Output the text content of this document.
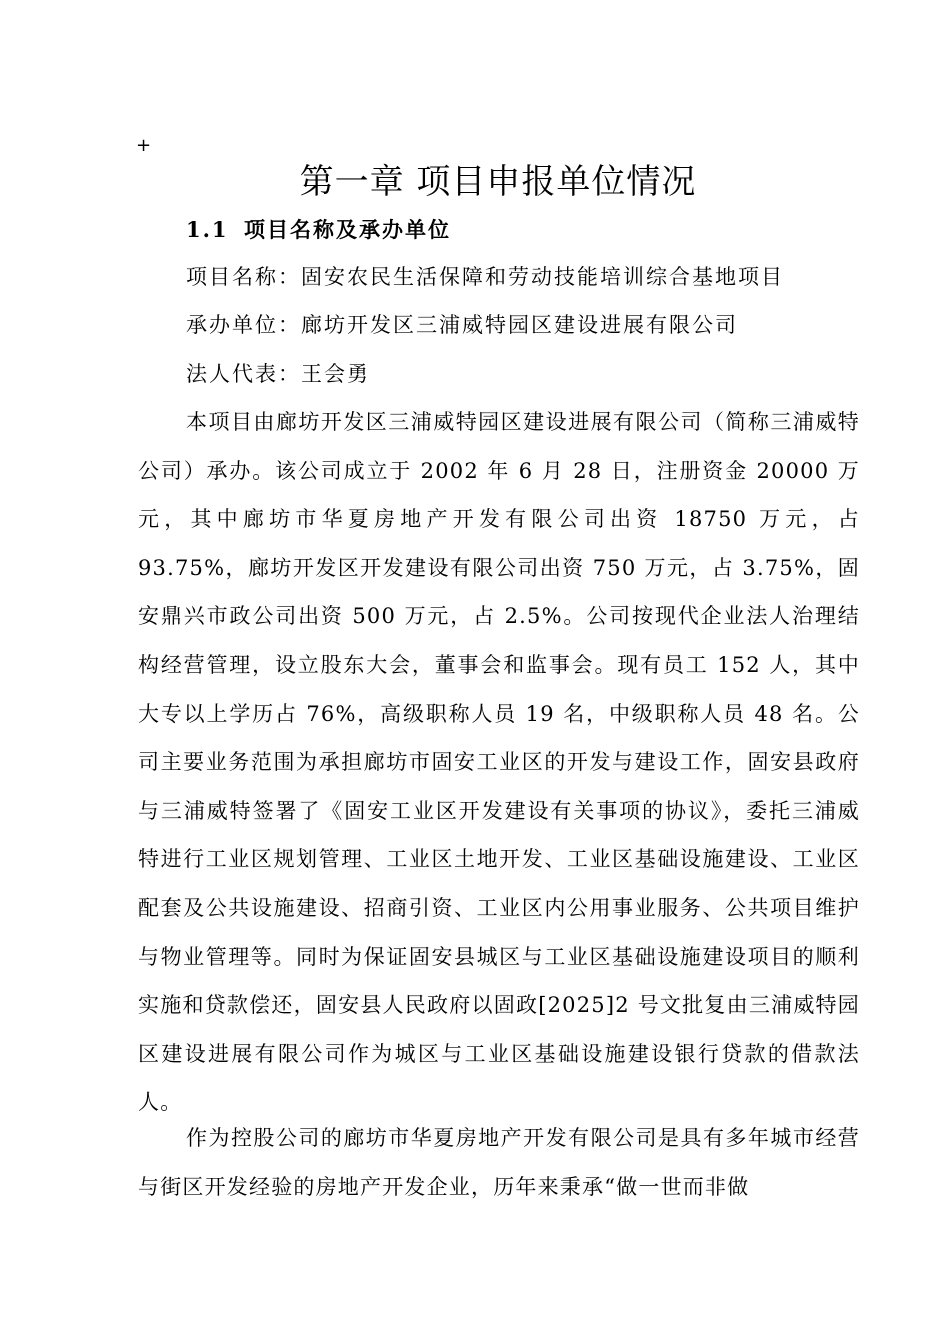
+
第一章 项目申报单位情况
1.1 项目名称及承办单位
项目名称：固安农民生活保障和劳动技能培训综合基地项目
承办单位：廊坊开发区三浦威特园区建设进展有限公司
法人代表：王会勇

本项目由廊坊开发区三浦威特园区建设进展有限公司（简称三浦威特公司）承办。该公司成立于 2002 年 6 月 28 日，注册资金 20000 万元，其中廊坊市华夏房地产开发有限公司出资 18750 万元，占 93.75%，廊坊开发区开发建设有限公司出资 750 万元，占 3.75%，固安鼎兴市政公司出资 500 万元，占 2.5%。公司按现代企业法人治理结构经营管理，设立股东大会，董事会和监事会。现有员工 152 人，其中大专以上学历占 76%，高级职称人员 19 名，中级职称人员 48 名。公司主要业务范围为承担廊坊市固安工业区的开发与建设工作，固安县政府与三浦威特签署了《固安工业区开发建设有关事项的协议》，委托三浦威特进行工业区规划管理、工业区土地开发、工业区基础设施建设、工业区配套及公共设施建设、招商引资、工业区内公用事业服务、公共项目维护与物业管理等。同时为保证固安县城区与工业区基础设施建设项目的顺利实施和贷款偿还，固安县人民政府以固政[2025]2 号文批复由三浦威特园区建设进展有限公司作为城区与工业区基础设施建设银行贷款的借款法人。

作为控股公司的廊坊市华夏房地产开发有限公司是具有多年城市经营与街区开发经验的房地产开发企业，历年来秉承“做一世而非做
